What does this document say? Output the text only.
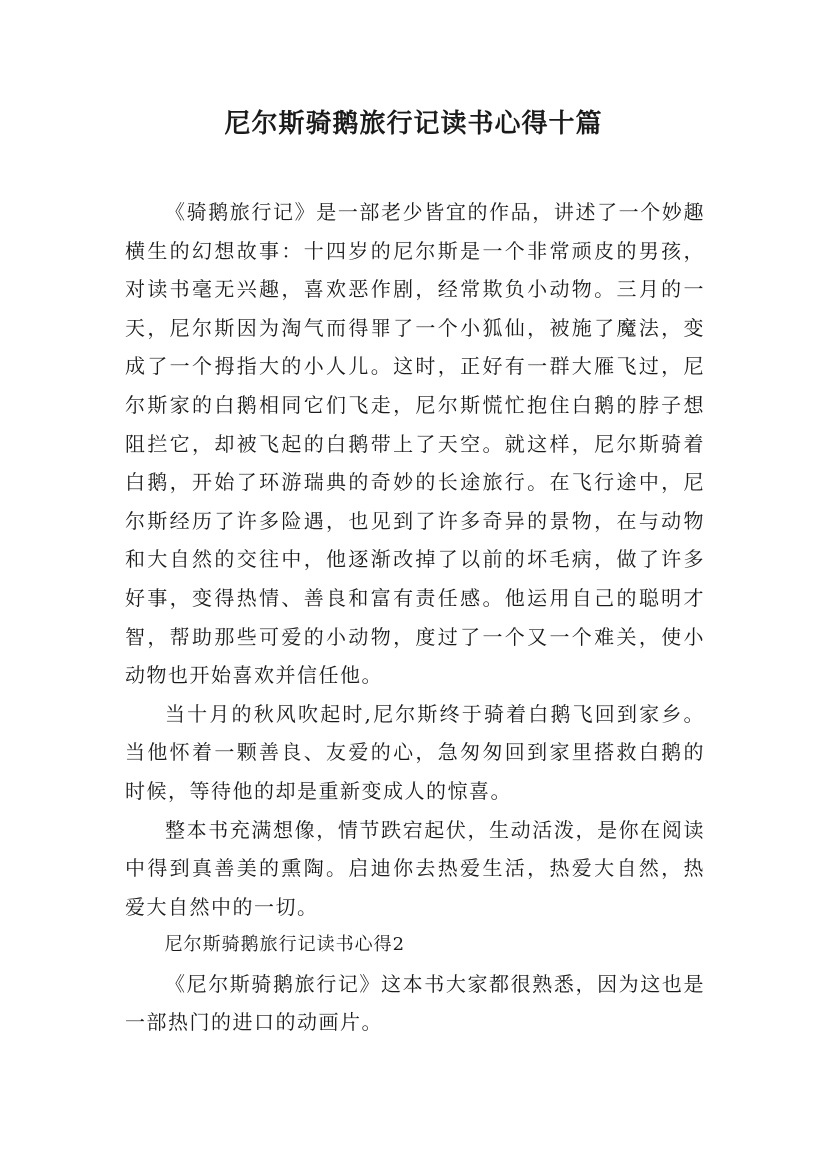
尼尔斯骑鹅旅行记读书心得十篇

《骑鹅旅行记》是一部老少皆宜的作品，讲述了一个妙趣横生的幻想故事：十四岁的尼尔斯是一个非常顽皮的男孩，对读书毫无兴趣，喜欢恶作剧，经常欺负小动物。三月的一天，尼尔斯因为淘气而得罪了一个小狐仙，被施了魔法，变成了一个拇指大的小人儿。这时，正好有一群大雁飞过，尼尔斯家的白鹅相同它们飞走，尼尔斯慌忙抱住白鹅的脖子想阻拦它，却被飞起的白鹅带上了天空。就这样，尼尔斯骑着白鹅，开始了环游瑞典的奇妙的长途旅行。在飞行途中，尼尔斯经历了许多险遇，也见到了许多奇异的景物，在与动物和大自然的交往中，他逐渐改掉了以前的坏毛病，做了许多好事，变得热情、善良和富有责任感。他运用自己的聪明才智，帮助那些可爱的小动物，度过了一个又一个难关，使小动物也开始喜欢并信任他。

当十月的秋风吹起时,尼尔斯终于骑着白鹅飞回到家乡。当他怀着一颗善良、友爱的心，急匆匆回到家里搭救白鹅的时候，等待他的却是重新变成人的惊喜。

整本书充满想像，情节跌宕起伏，生动活泼，是你在阅读中得到真善美的熏陶。启迪你去热爱生活，热爱大自然，热爱大自然中的一切。

尼尔斯骑鹅旅行记读书心得2

《尼尔斯骑鹅旅行记》这本书大家都很熟悉，因为这也是一部热门的进口的动画片。
